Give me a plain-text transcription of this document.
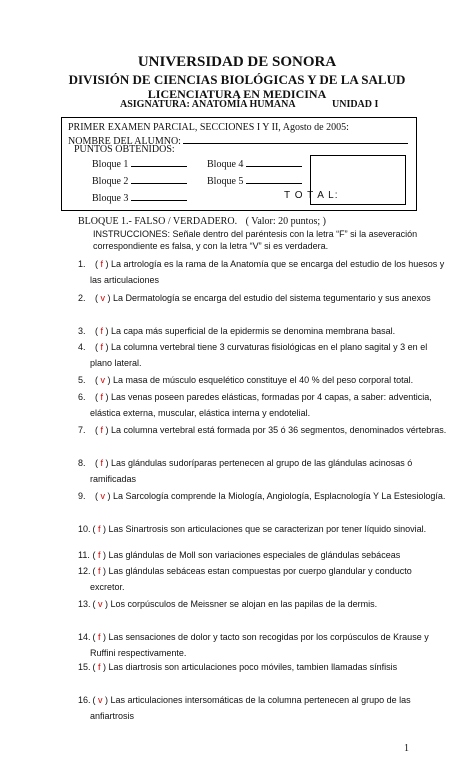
UNIVERSIDAD DE SONORA
DIVISIÓN DE CIENCIAS BIOLÓGICAS Y DE LA SALUD
LICENCIATURA EN MEDICINA
ASIGNATURA: ANATOMÍA HUMANA	UNIDAD I
PRIMER EXAMEN PARCIAL, SECCIONES I Y II, Agosto de 2005:
NOMBRE DEL ALUMNO:
PUNTOS OBTENIDOS:
Bloque 1
Bloque 2
Bloque 3
Bloque 4
Bloque 5
T O T A L:
BLOQUE 1.- FALSO / VERDADERO. ( Valor: 20 puntos; )
INSTRUCCIONES: Señale dentro del paréntesis con la letra “F” si la aseveración correspondiente es falsa, y con la letra “V” si es verdadera.
1. ( f ) La artrología es la rama de la Anatomía que se encarga del estudio de los huesos y las articulaciones
2. ( v ) La Dermatología se encarga del estudio del sistema tegumentario y sus anexos
3. ( f ) La capa más superficial de la epidermis se denomina membrana basal.
4. ( f ) La columna vertebral tiene 3 curvaturas fisiológicas en el plano sagital y 3 en el plano lateral.
5. ( v ) La masa de músculo esquelético constituye el 40 % del peso corporal total.
6. ( f ) Las venas poseen paredes elásticas, formadas por 4 capas, a saber: adventicia, elástica externa, muscular, elástica interna y endotelial.
7. ( f ) La columna vertebral está formada por 35 ó 36 segmentos, denominados vértebras.
8. ( f ) Las glándulas sudoríparas pertenecen al grupo de las glándulas acinosas ó ramificadas
9. ( v ) La Sarcología comprende la Miología, Angiología, Esplacnología Y La Estesiología.
10. ( f ) Las Sinartrosis son articulaciones que se caracterizan por tener líquido sinovial.
11. ( f ) Las glándulas de Moll son variaciones especiales de glándulas sebáceas
12. ( f ) Las glándulas sebáceas estan compuestas por cuerpo glandular y conducto excretor.
13. ( v ) Los corpúsculos de Meissner se alojan en las papilas de la dermis.
14. ( f ) Las sensaciones de dolor y tacto son recogidas por los corpúsculos de Krause y Ruffini respectivamente.
15. ( f ) Las diartrosis son articulaciones poco móviles, tambien llamadas sínfisis
16. ( v ) Las articulaciones intersomáticas de la columna pertenecen al grupo de las anfiartrosis
1
